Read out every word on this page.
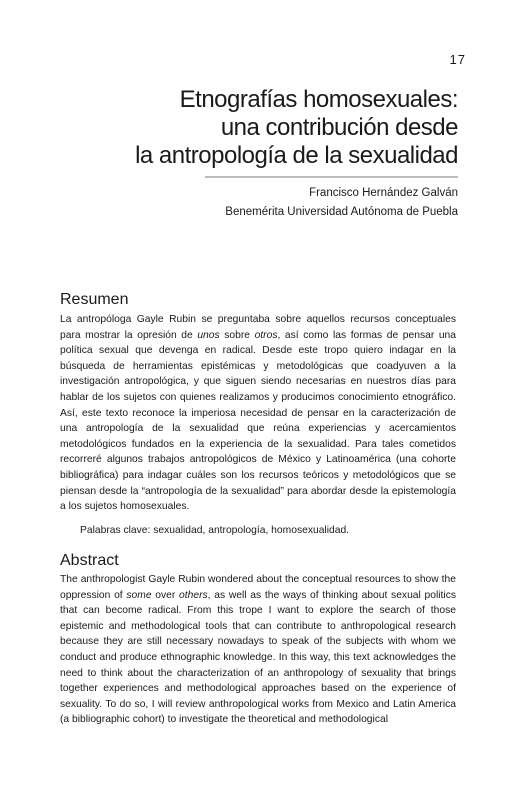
17
Etnografías homosexuales:
una contribución desde
la antropología de la sexualidad
Francisco Hernández Galván
Benemérita Universidad Autónoma de Puebla
Resumen

La antropóloga Gayle Rubin se preguntaba sobre aquellos recursos conceptuales para mostrar la opresión de unos sobre otros, así como las formas de pensar una política sexual que devenga en radical. Desde este tropo quiero indagar en la búsqueda de herramientas epistémicas y metodológicas que coadyuven a la investigación antropológica, y que siguen siendo necesarias en nuestros días para hablar de los sujetos con quienes realizamos y producimos conocimiento etnográfico. Así, este texto reconoce la imperiosa necesidad de pensar en la caracterización de una antropología de la sexualidad que reúna experiencias y acercamientos metodológicos fundados en la experiencia de la sexualidad. Para tales cometidos recorreré algunos trabajos antropológicos de México y Latinoamérica (una cohorte bibliográfica) para indagar cuáles son los recursos teóricos y metodológicos que se piensan desde la “antropología de la sexualidad” para abordar desde la epistemología a los sujetos homosexuales.

Palabras clave: sexualidad, antropología, homosexualidad.
Abstract

The anthropologist Gayle Rubin wondered about the conceptual resources to show the oppression of some over others, as well as the ways of thinking about sexual politics that can become radical. From this trope I want to explore the search of those epistemic and methodological tools that can contribute to anthropological research because they are still necessary nowadays to speak of the subjects with whom we conduct and produce ethnographic knowledge. In this way, this text acknowledges the need to think about the characterization of an anthropology of sexuality that brings together experiences and methodological approaches based on the experience of sexuality. To do so, I will review anthropological works from Mexico and Latin America (a bibliographic cohort) to investigate the theoretical and methodological
